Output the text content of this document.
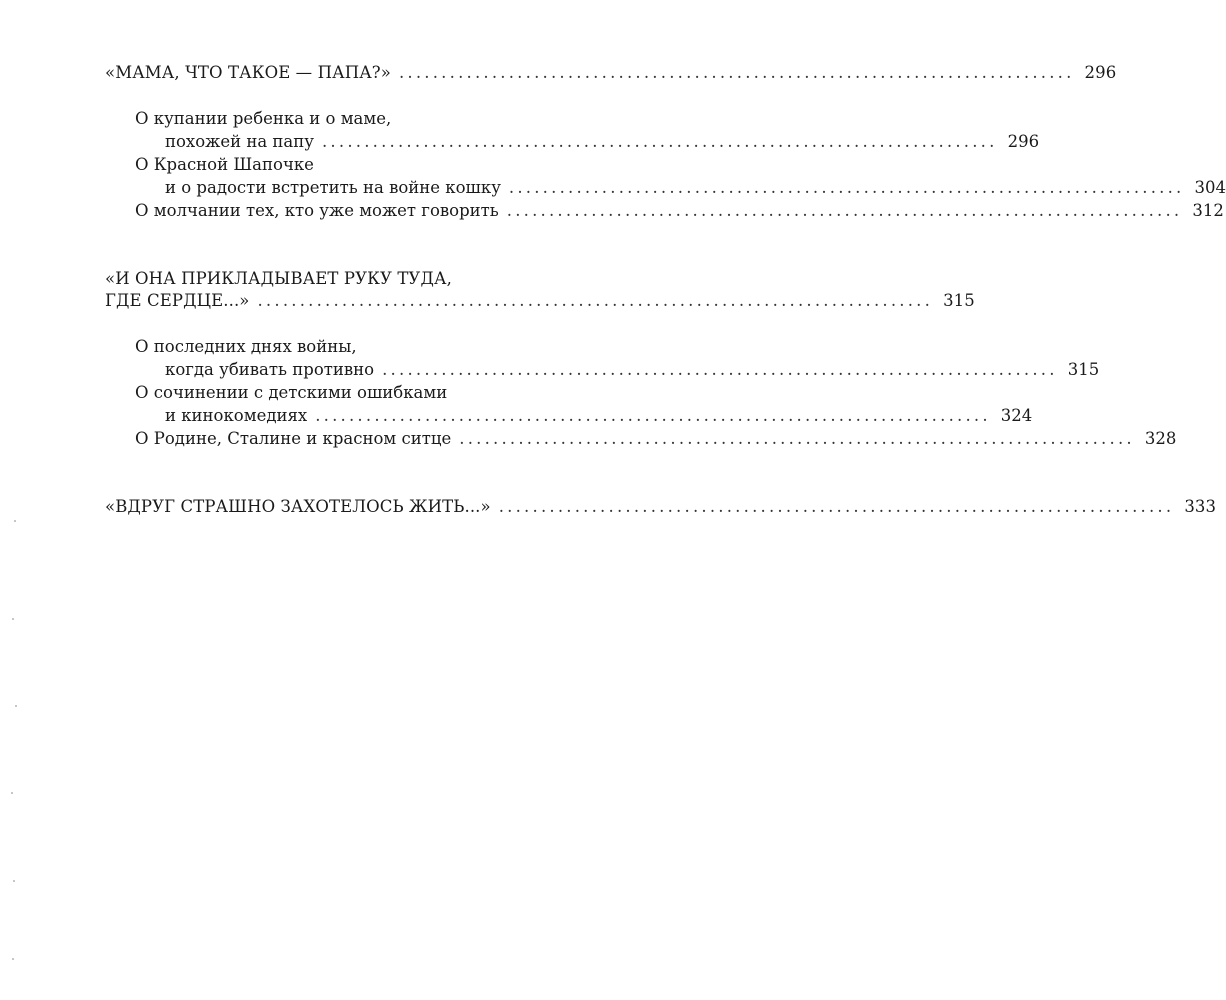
«МАМА, ЧТО ТАКОЕ — ПАПА?» ................................................................................ 296
О купании ребенка и о маме,
похожей на папу ................................................................................ 296
О Красной Шапочке
и о радости встретить на войне кошку ................................................................................ 304
О молчании тех, кто уже может говорить ................................................................................ 312
«И ОНА ПРИКЛАДЫВАЕТ РУКУ ТУДА,
ГДЕ СЕРДЦЕ...» ................................................................................ 315
О последних днях войны,
когда убивать противно ................................................................................ 315
О сочинении с детскими ошибками
и кинокомедиях ................................................................................ 324
О Родине, Сталине и красном ситце ................................................................................ 328
«ВДРУГ СТРАШНО ЗАХОТЕЛОСЬ ЖИТЬ...» ................................................................................ 333
